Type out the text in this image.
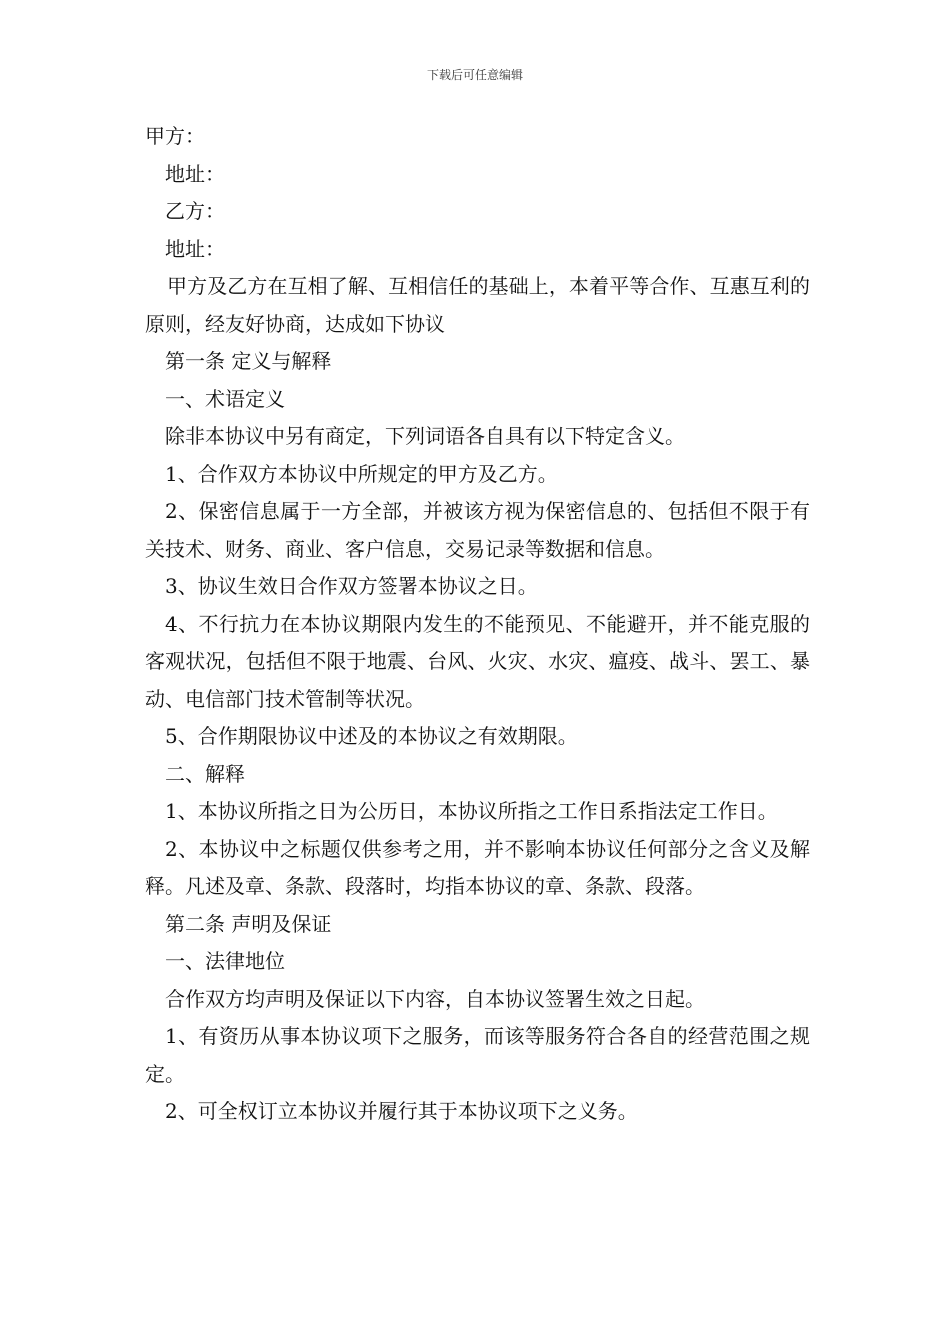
下载后可任意编辑

甲方：

地址：

乙方：

地址：

甲方及乙方在互相了解、互相信任的基础上，本着平等合作、互惠互利的原则，经友好协商，达成如下协议

第一条 定义与解释

一、术语定义

除非本协议中另有商定，下列词语各自具有以下特定含义。

1、合作双方本协议中所规定的甲方及乙方。

2、保密信息属于一方全部，并被该方视为保密信息的、包括但不限于有关技术、财务、商业、客户信息，交易记录等数据和信息。

3、协议生效日合作双方签署本协议之日。

4、不行抗力在本协议期限内发生的不能预见、不能避开，并不能克服的客观状况，包括但不限于地震、台风、火灾、水灾、瘟疫、战斗、罢工、暴动、电信部门技术管制等状况。

5、合作期限协议中述及的本协议之有效期限。

二、解释

1、本协议所指之日为公历日，本协议所指之工作日系指法定工作日。

2、本协议中之标题仅供参考之用，并不影响本协议任何部分之含义及解释。凡述及章、条款、段落时，均指本协议的章、条款、段落。

第二条 声明及保证

一、法律地位

合作双方均声明及保证以下内容，自本协议签署生效之日起。

1、有资历从事本协议项下之服务，而该等服务符合各自的经营范围之规定。

2、可全权订立本协议并履行其于本协议项下之义务。
